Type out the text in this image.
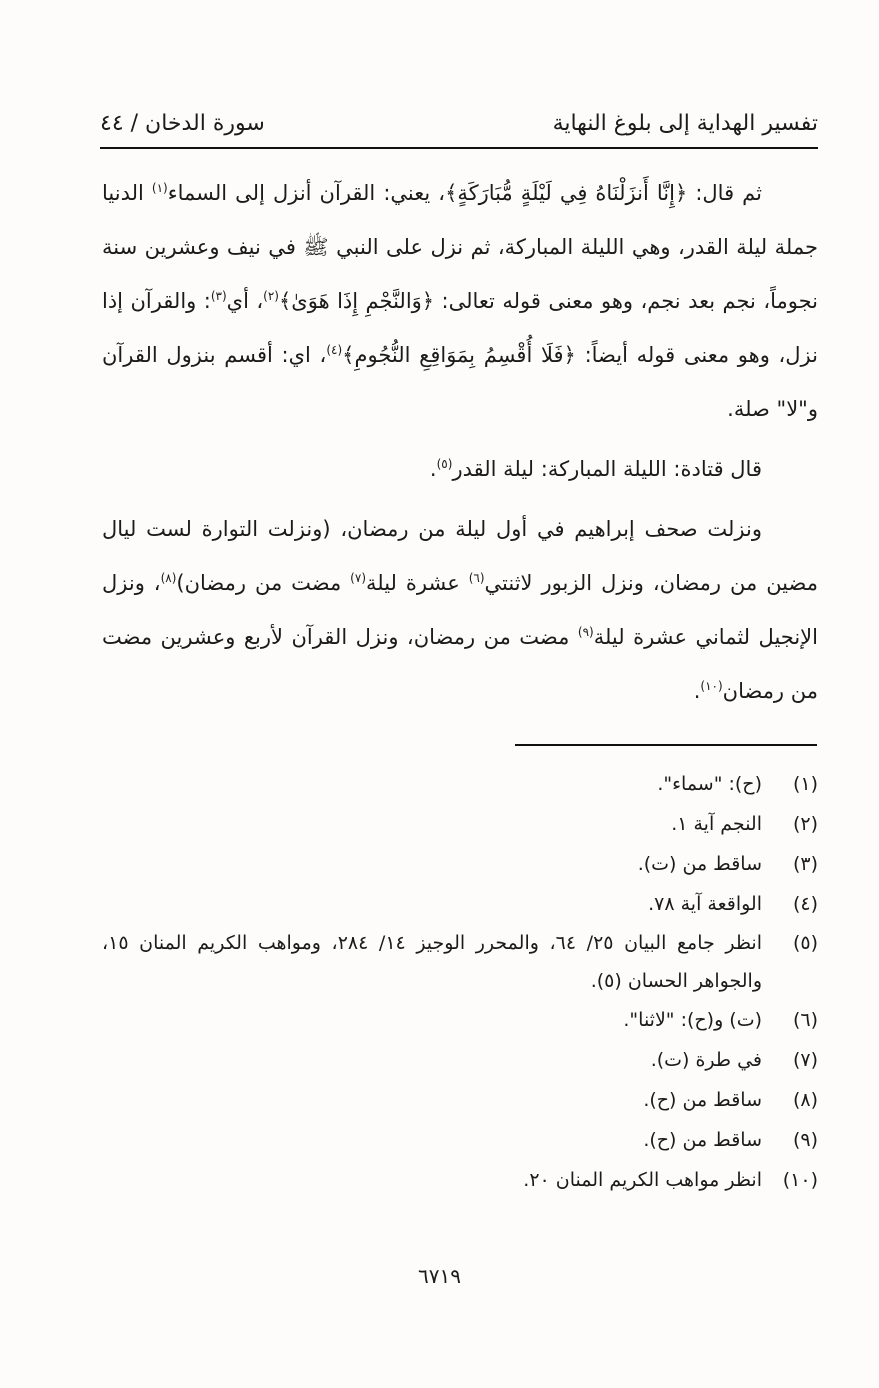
تفسير الهداية إلى بلوغ النهاية
سورة الدخان / ٤٤

ثم قال: ﴿إِنَّا أَنزَلْنَاهُ فِي لَيْلَةٍ مُّبَارَكَةٍ﴾، يعني: القرآن أنزل إلى السماء$^{(١)}$ الدنيا جملة ليلة القدر، وهي الليلة المباركة، ثم نزل على النبي ﷺ في نيف وعشرين سنة نجوماً، نجم بعد نجم، وهو معنى قوله تعالى: ﴿وَالنَّجْمِ إِذَا هَوَىٰ﴾$^{(٢)}$، أي$^{(٣)}$: والقرآن إذا نزل، وهو معنى قوله أيضاً: ﴿فَلَا أُقْسِمُ بِمَوَاقِعِ النُّجُومِ﴾$^{(٤)}$، اي: أقسم بنزول القرآن و"لا" صلة.

قال قتادة: الليلة المباركة: ليلة القدر$^{(٥)}$.

ونزلت صحف إبراهيم في أول ليلة من رمضان، (ونزلت التوارة لست ليال مضين من رمضان، ونزل الزبور لاثنتي$^{(٦)}$ عشرة ليلة$^{(٧)}$ مضت من رمضان)$^{(٨)}$، ونزل الإنجيل لثماني عشرة ليلة$^{(٩)}$ مضت من رمضان، ونزل القرآن لأربع وعشرين مضت من رمضان$^{(١٠)}$.

(١)
(ح): "سماء".
(٢)
النجم آية ١.
(٣)
ساقط من (ت).
(٤)
الواقعة آية ٧٨.
(٥)
انظر جامع البيان ٢٥/ ٦٤، والمحرر الوجيز ١٤/ ٢٨٤، ومواهب الكريم المنان ١٥، والجواهر الحسان (٥).
(٦)
(ت) و(ح): "لاثنا".
(٧)
في طرة (ت).
(٨)
ساقط من (ح).
(٩)
ساقط من (ح).
(١٠)
انظر مواهب الكريم المنان ٢٠.
٦٧١٩
